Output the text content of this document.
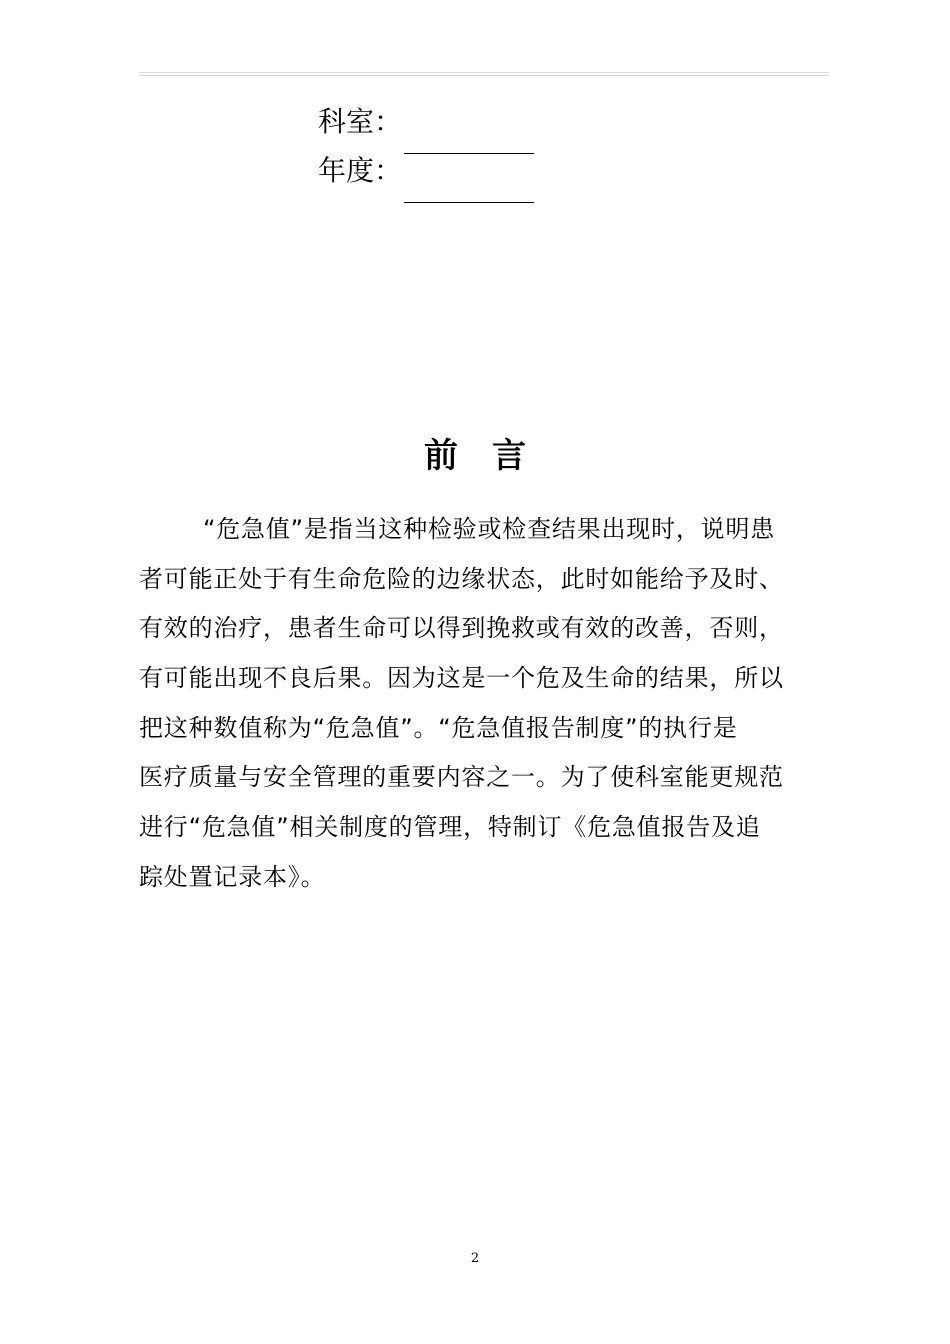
科室：
年度：
前言
“危急值”是指当这种检验或检查结果出现时，说明患
者可能正处于有生命危险的边缘状态，此时如能给予及时、
有效的治疗，患者生命可以得到挽救或有效的改善，否则，
有可能出现不良后果。因为这是一个危及生命的结果，所以
把这种数值称为“危急值”。“危急值报告制度”的执行是
医疗质量与安全管理的重要内容之一。为了使科室能更规范
进行“危急值”相关制度的管理，特制订《危急值报告及追
踪处置记录本》。
2
